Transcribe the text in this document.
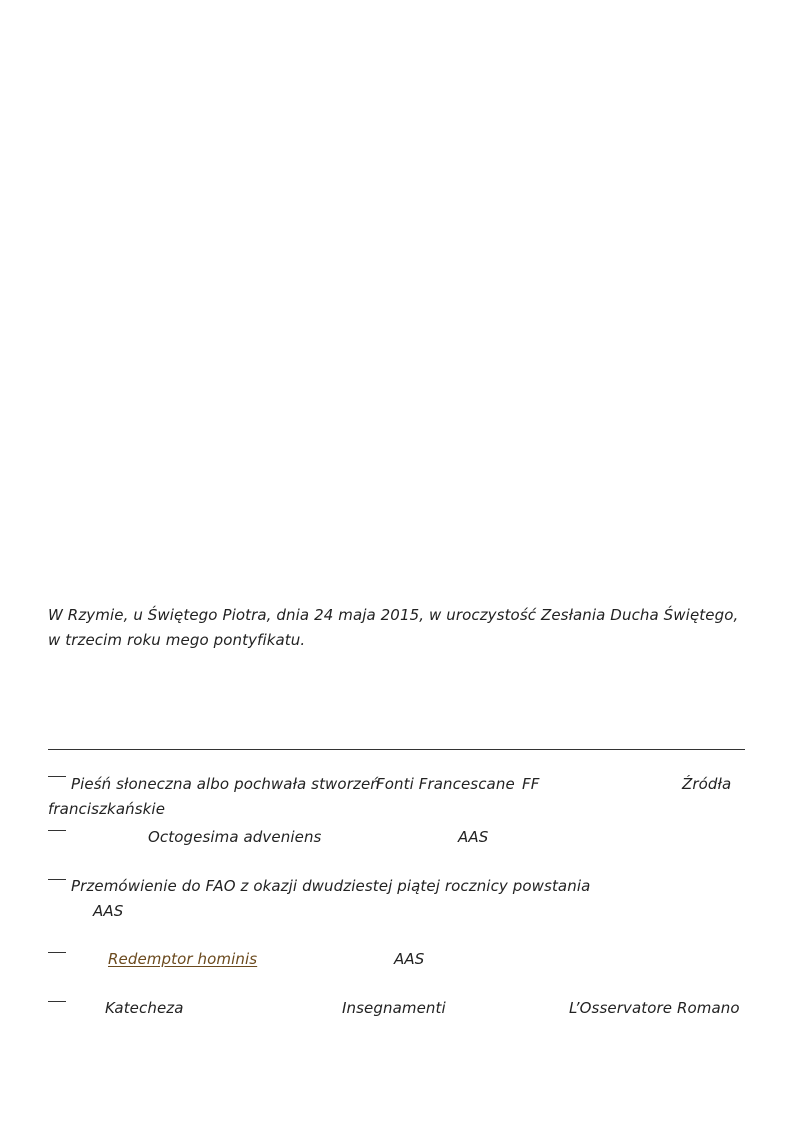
W Rzymie, u Świętego Piotra, dnia 24 maja 2015, w uroczystość Zesłania Ducha Świętego,
w trzecim roku mego pontyfikatu.
Pieśń słoneczna albo pochwała stworzeń
Fonti Francescane FF	Źródła
franciszkańskie
Octogesima adveniens	AAS
Przemówienie do FAO z okazji dwudziestej piątej rocznicy powstania
AAS
Redemptor hominis	AAS
Katecheza	Insegnamenti	L’Osservatore Romano
